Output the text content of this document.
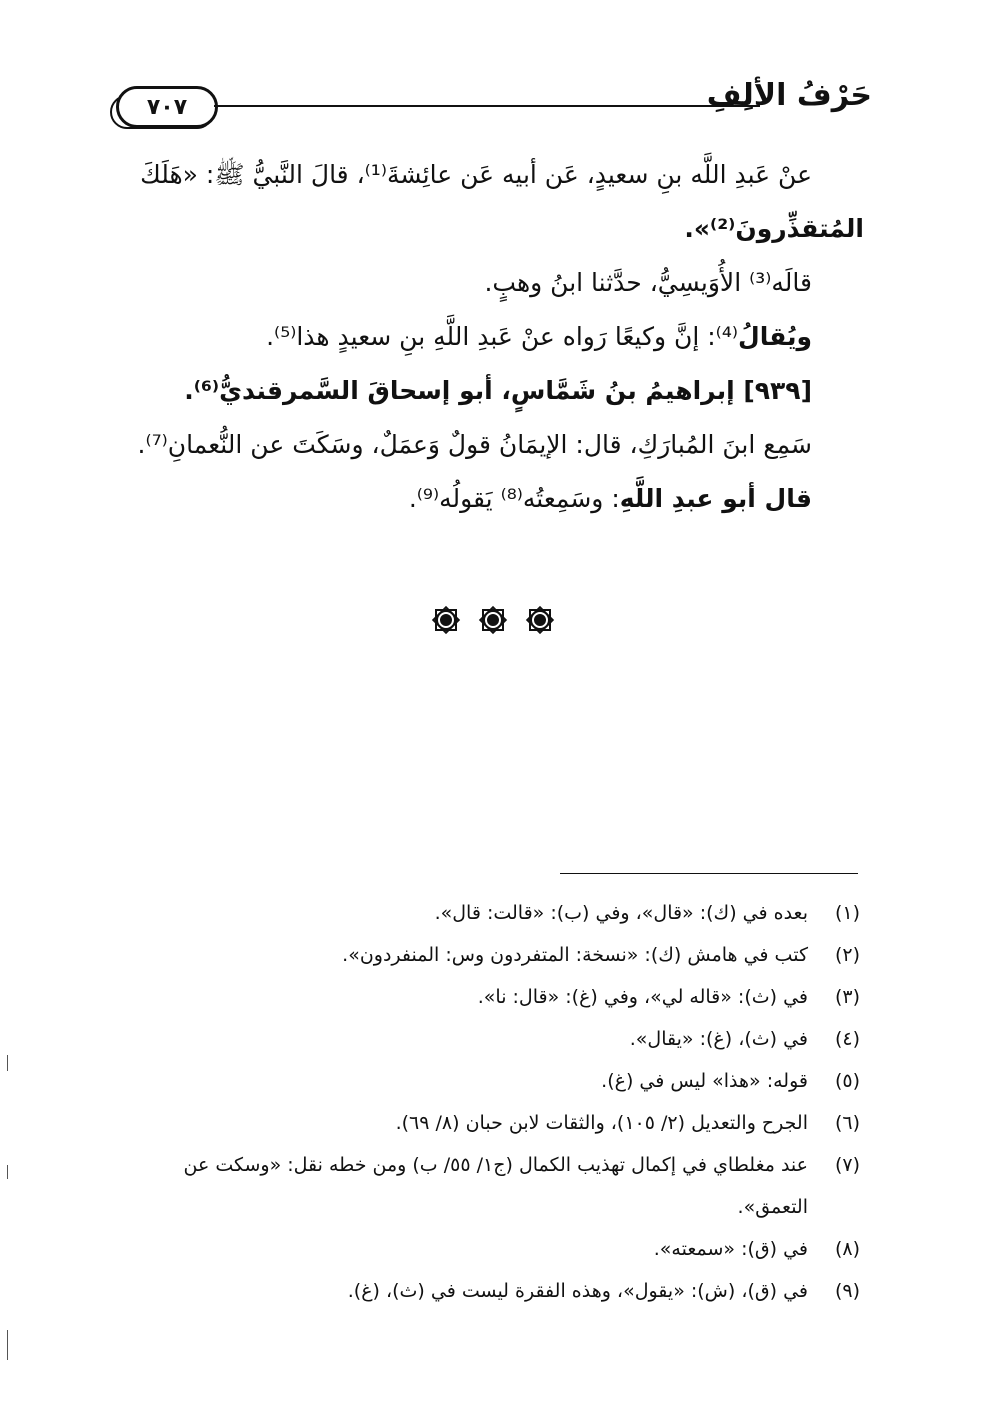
٧٠٧	حَرْفُ الألِفِ

عنْ عَبدِ اللَّه بنِ سعيدٍ، عَن أبيه عَن عائِشةَ⁽¹⁾، قالَ النَّبيُّ ﷺ: «هَلَكَ

المُتقذِّرونَ⁽²⁾».

قالَه⁽³⁾ الأُوَيسِيُّ، حدَّثنا ابنُ وهبٍ.

ويُقالُ⁽⁴⁾: إنَّ وكيعًا رَواه عنْ عَبدِ اللَّهِ بنِ سعيدٍ هذا⁽⁵⁾.

[٩٣٩] إبراهيمُ بنُ شَمَّاسٍ، أبو إسحاقَ السَّمرقنديُّ⁽⁶⁾.

سَمِع ابنَ المُبارَكِ، قال: الإيمَانُ قولٌ وَعمَلٌ، وسَكَتَ عن النُّعمانِ⁽⁷⁾.

قال أبو عبدِ اللَّهِ: وسَمِعتُه⁽⁸⁾ يَقولُه⁽⁹⁾.

(١)
بعده في (ك): «قال»، وفي (ب): «قالت: قال».
(٢)
كتب في هامش (ك): «نسخة: المتفردون وس: المنفردون».
(٣)
في (ث): «قاله لي»، وفي (غ): «قال: نا».
(٤)
في (ث)، (غ): «يقال».
(٥)
قوله: «هذا» ليس في (غ).
(٦)
الجرح والتعديل (٢/ ١٠٥)، والثقات لابن حبان (٨/ ٦٩).
(٧)
عند مغلطاي في إكمال تهذيب الكمال (ج١/ ٥٥/ ب) ومن خطه نقل: «وسكت عن التعمق».
(٨)
في (ق): «سمعته».
(٩)
في (ق)، (ش): «يقول»، وهذه الفقرة ليست في (ث)، (غ).
